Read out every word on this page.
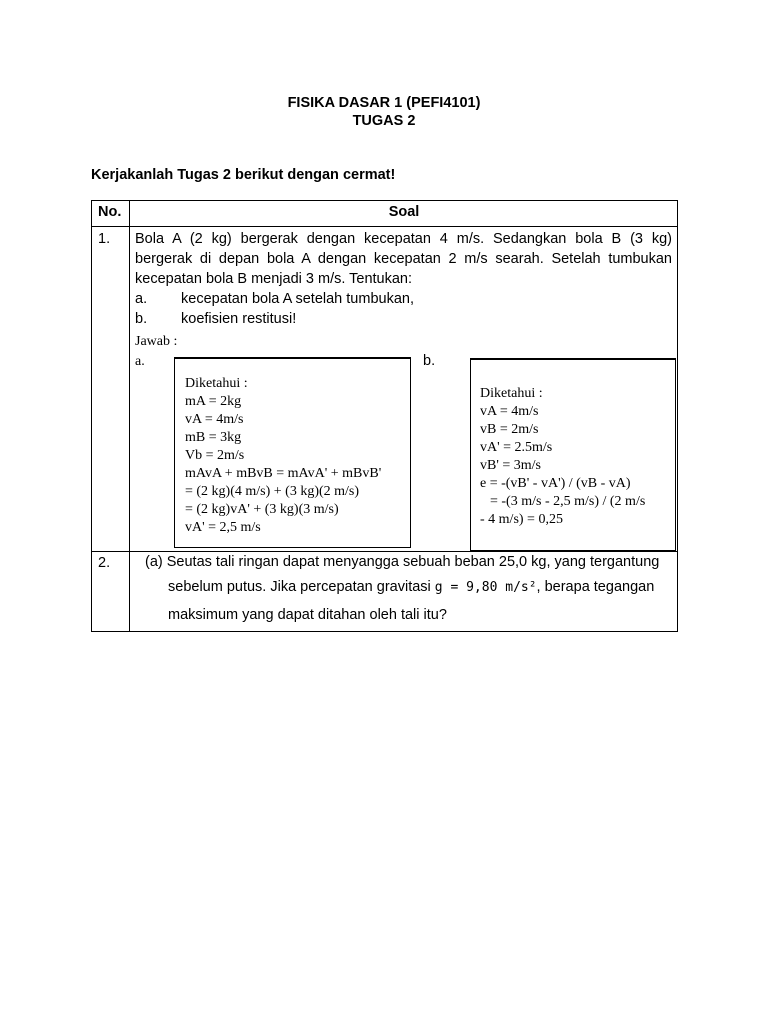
FISIKA DASAR 1 (PEFI4101)
TUGAS 2
Kerjakanlah Tugas 2 berikut dengan cermat!
No.	Soal
1. Bola A (2 kg) bergerak dengan kecepatan 4 m/s. Sedangkan bola B (3 kg)

bergerak di depan bola A dengan kecepatan 2 m/s searah. Setelah tumbukan

kecepatan bola B menjadi 3 m/s. Tentukan:

a. kecepatan bola A setelah tumbukan,
b. koefisien restitusi!
Jawab :
a.	b.
Diketahui :
mA = 2kg
vA = 4m/s
mB = 3kg
Vb = 2m/s
mAvA + mBvB = mAvA' + mBvB'
= (2 kg)(4 m/s) + (3 kg)(2 m/s)
= (2 kg)vA' + (3 kg)(3 m/s)
vA' = 2,5 m/s
Diketahui :
vA = 4m/s
vB = 2m/s
vA' = 2.5m/s
vB' = 3m/s
e = -(vB' - vA') / (vB - vA)
= -(3 m/s - 2,5 m/s) / (2 m/s
- 4 m/s) = 0,25
2. (a) Seutas tali ringan dapat menyangga sebuah beban 25,0 kg, yang tergantung
sebelum putus. Jika percepatan gravitasi g = 9,80 m/s², berapa tegangan
maksimum yang dapat ditahan oleh tali itu?
